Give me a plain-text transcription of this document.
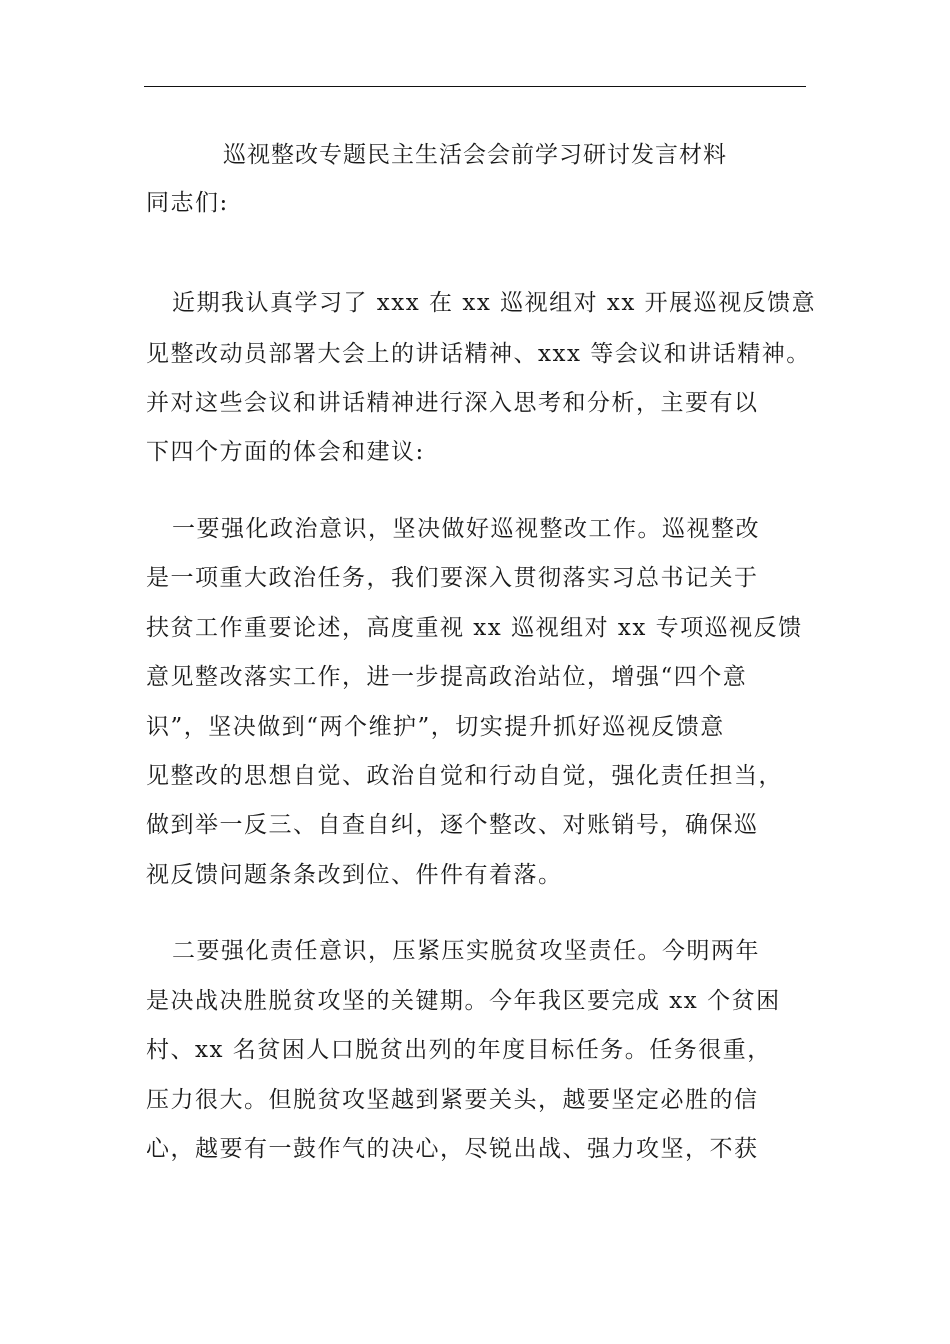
巡视整改专题民主生活会会前学习研讨发言材料
同志们:
近期我认真学习了 xxx 在 xx 巡视组对 xx 开展巡视反馈意
见整改动员部署大会上的讲话精神、xxx 等会议和讲话精神。
并对这些会议和讲话精神进行深入思考和分析，主要有以
下四个方面的体会和建议:
一要强化政治意识，坚决做好巡视整改工作。巡视整改
是一项重大政治任务，我们要深入贯彻落实习总书记关于
扶贫工作重要论述，高度重视 xx 巡视组对 xx 专项巡视反馈
意见整改落实工作，进一步提高政治站位，增强“四个意
识”，坚决做到“两个维护”，切实提升抓好巡视反馈意
见整改的思想自觉、政治自觉和行动自觉，强化责任担当，
做到举一反三、自查自纠，逐个整改、对账销号，确保巡
视反馈问题条条改到位、件件有着落。
二要强化责任意识，压紧压实脱贫攻坚责任。今明两年
是决战决胜脱贫攻坚的关键期。今年我区要完成 xx 个贫困
村、xx 名贫困人口脱贫出列的年度目标任务。任务很重，
压力很大。但脱贫攻坚越到紧要关头，越要坚定必胜的信
心，越要有一鼓作气的决心，尽锐出战、强力攻坚，不获
